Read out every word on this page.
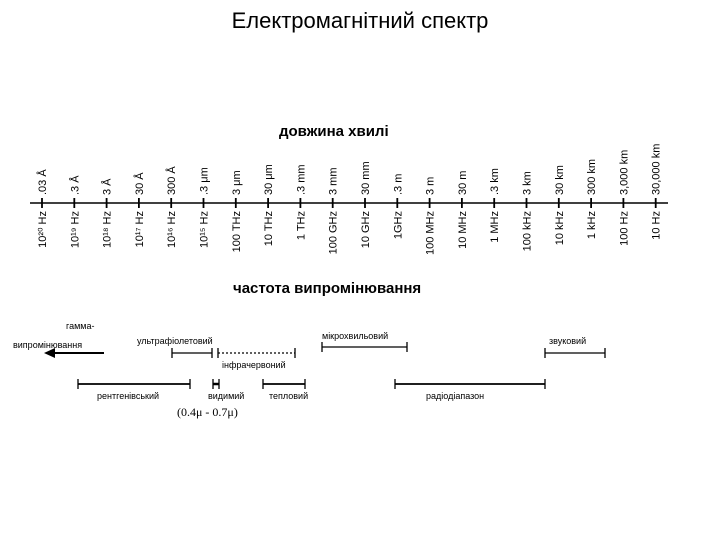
Електромагнітний спектр
довжина хвилі
частота випромінювання
.03 Å
10²⁰ Hz
.3 Å
10¹⁹ Hz
3 Å
10¹⁸ Hz
30 Å
10¹⁷ Hz
300 Å
10¹⁶ Hz
.3 μm
10¹⁵ Hz
3 μm
100 THz
30 μm
10 THz
.3 mm
1 THz
3 mm
100 GHz
30 mm
10 GHz
.3 m
1GHz
3 m
100 MHz
30 m
10 MHz
.3 km
1 MHz
3 km
100 kHz
30 km
10 kHz
300 km
1 kHz
3,000 km
100 Hz
30,000 km
10 Hz
гамма-
випромінювання	ультрафіолетовий	мікрохвильовий	звуковий
інфрачервоний
рентгенівський	видимий	тепловий	радіодіапазон
(0.4μ - 0.7μ)
